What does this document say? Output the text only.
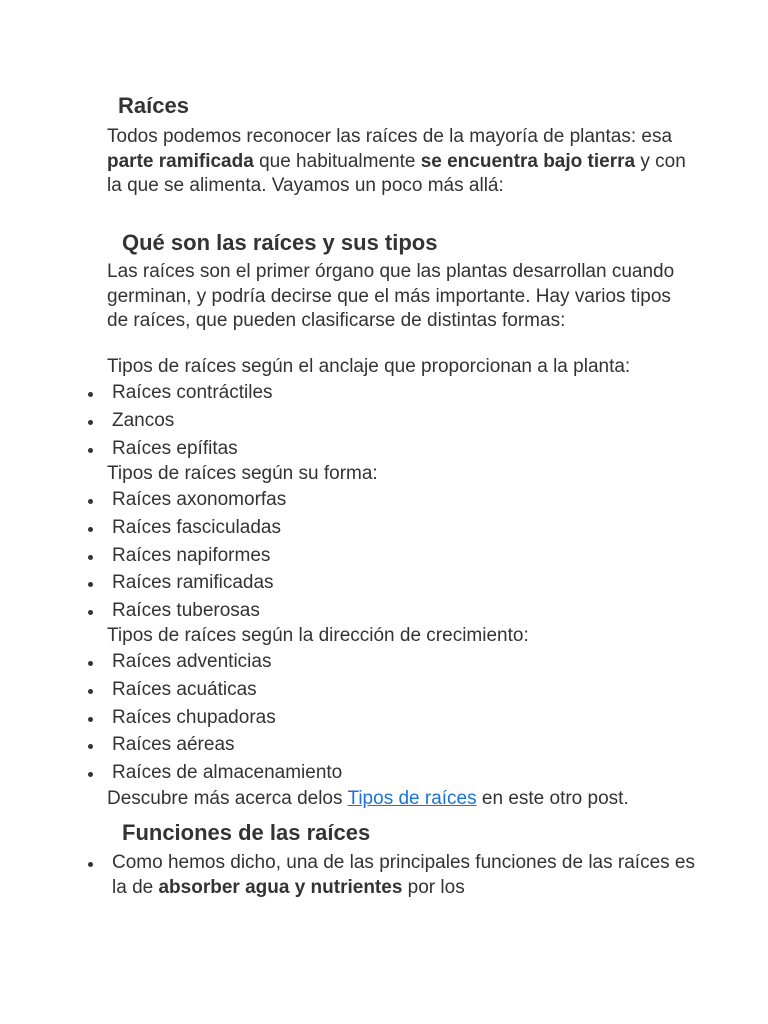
Raíces

Todos podemos reconocer las raíces de la mayoría de plantas: esa parte ramificada que habitualmente se encuentra bajo tierra y con la que se alimenta. Vayamos un poco más allá:

Qué son las raíces y sus tipos

Las raíces son el primer órgano que las plantas desarrollan cuando germinan, y podría decirse que el más importante. Hay varios tipos de raíces, que pueden clasificarse de distintas formas:

Tipos de raíces según el anclaje que proporcionan a la planta:

Raíces contráctiles
Zancos
Raíces epífitas

Tipos de raíces según su forma:

Raíces axonomorfas
Raíces fasciculadas
Raíces napiformes
Raíces ramificadas
Raíces tuberosas

Tipos de raíces según la dirección de crecimiento:

Raíces adventicias
Raíces acuáticas
Raíces chupadoras
Raíces aéreas
Raíces de almacenamiento

Descubre más acerca delos Tipos de raíces en este otro post.

Funciones de las raíces
Como hemos dicho, una de las principales funciones de las raíces es la de absorber agua y nutrientes por los
